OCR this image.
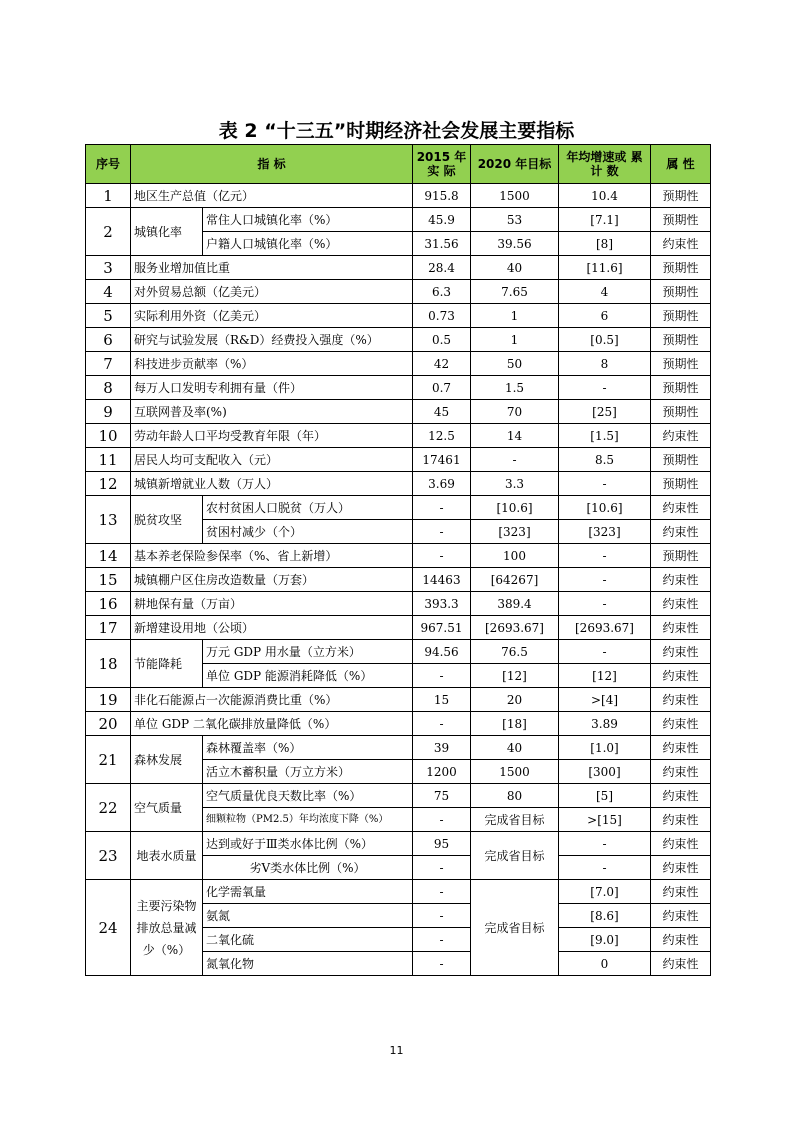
表 2 “十三五”时期经济社会发展主要指标
序号	指 标		2015 年 实 际	2020 年目标	年均增速或 累 计 数	属 性
1	地区生产总值（亿元）		915.8	1500	10.4	预期性
2	城镇化率	常住人口城镇化率（%）	45.9	53	[7.1]	预期性
		户籍人口城镇化率（%）	31.56	39.56	[8]	约束性
3	服务业增加值比重		28.4	40	[11.6]	预期性
4	对外贸易总额（亿美元）		6.3	7.65	4	预期性
5	实际利用外资（亿美元）		0.73	1	6	预期性
6	研究与试验发展（R&D）经费投入强度（%）		0.5	1	[0.5]	预期性
7	科技进步贡献率（%）		42	50	8	预期性
8	每万人口发明专利拥有量（件）		0.7	1.5	-	预期性
9	互联网普及率(%)		45	70	[25]	预期性
10	劳动年龄人口平均受教育年限（年）		12.5	14	[1.5]	约束性
11	居民人均可支配收入（元）		17461	-	8.5	预期性
12	城镇新增就业人数（万人）		3.69	3.3	-	预期性
13	脱贫攻坚	农村贫困人口脱贫（万人）	-	[10.6]	[10.6]	约束性
		贫困村减少（个）	-	[323]	[323]	约束性
14	基本养老保险参保率（%、省上新增）		-	100	-	预期性
15	城镇棚户区住房改造数量（万套）		14463	[64267]	-	约束性
16	耕地保有量（万亩）		393.3	389.4	-	约束性
17	新增建设用地（公顷）		967.51	[2693.67]	[2693.67]	约束性
18	节能降耗	万元 GDP 用水量（立方米）	94.56	76.5	-	约束性
		单位 GDP 能源消耗降低（%）	-	[12]	[12]	约束性
19	非化石能源占一次能源消费比重（%）		15	20	>[4]	约束性
20	单位 GDP 二氧化碳排放量降低（%）		-	[18]	3.89	约束性
21	森林发展	森林覆盖率（%）	39	40	[1.0]	约束性
		活立木蓄积量（万立方米）	1200	1500	[300]	约束性
22	空气质量	空气质量优良天数比率（%）	75	80	[5]	约束性
		细颗粒物（PM2.5）年均浓度下降（%）	-	完成省目标	>[15]	约束性
23	地表水质量	达到或好于Ⅲ类水体比例（%）	95	完成省目标	-	约束性
		劣Ⅴ类水体比例（%）	-		-	约束性
24	主要污染物排放总量减少（%）	化学需氧量	-	完成省目标	[7.0]	约束性
		氨氮	-		[8.6]	约束性
		二氧化硫	-		[9.0]	约束性
		氮氧化物	-		0	约束性
11
